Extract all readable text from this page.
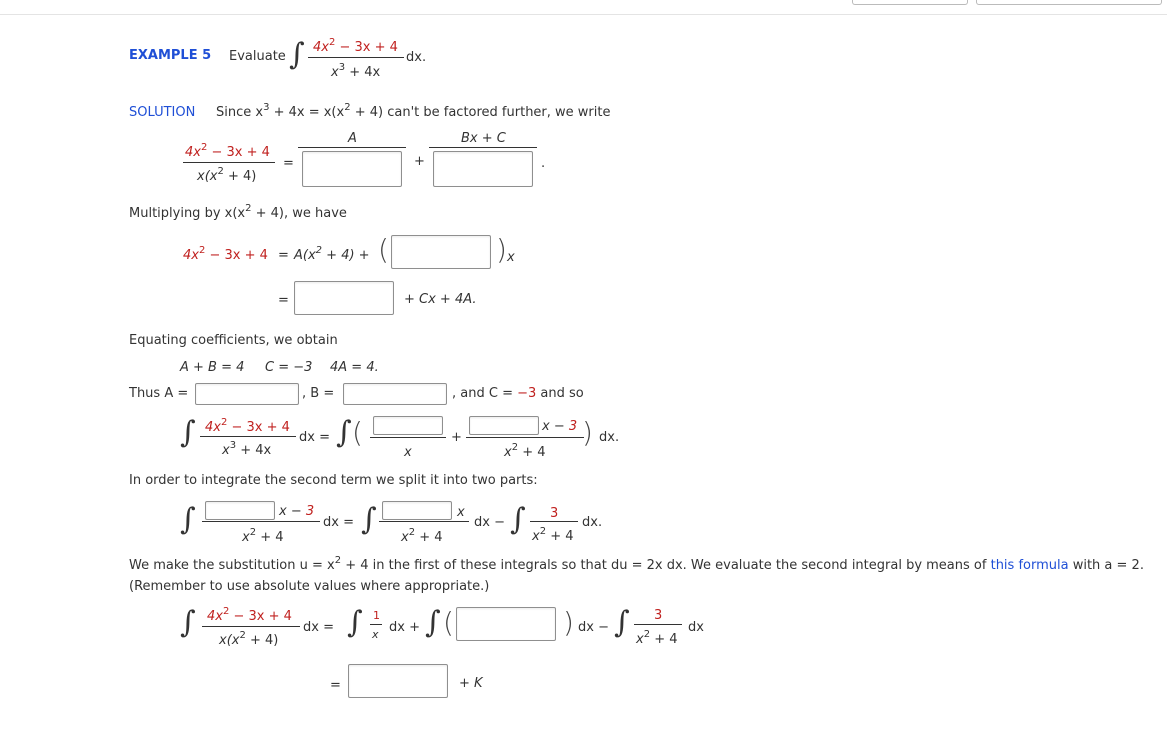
EXAMPLE 5 Evaluate ∫ $4x^2 - 3x + 4$
$x^3 + 4x$
dx.
SOLUTION Since $x^3 + 4x = x(x^2 + 4)$ can't be factored further, we write
$4x^2 - 3x + 4$
$x(x^2 + 4)$
=
A
+
Bx + C
.
Multiplying by $x(x^2 + 4)$, we have
$4x^2 - 3x + 4 = A(x^2 + 4)$ + (	) x
=	+ Cx + 4A.
Equating coefficients, we obtain
A + B = 4 C = −3 4A = 4.
Thus A =	, B =	, and C = −3 and so
∫ $4x^2 - 3x + 4$
$x^3 + 4x$
dx = ∫ (
x
+
x − 3
$x^2 + 4$
) dx.
In order to integrate the second term we split it into two parts:
∫	x − 3
$x^2 + 4$
dx = ∫	x
$x^2 + 4$
dx − ∫ 3
$x^2 + 4$
dx.
We make the substitution $u = x^2 + 4$ in the first of these integrals so that du = 2x dx. We evaluate the second integral by means of this formula with a = 2.
(Remember to use absolute values where appropriate.)
∫ $4x^2 - 3x + 4$
$x(x^2 + 4)$
dx = ∫ 1
x dx + ∫ (	) dx − ∫ 3
$x^2 + 4$
dx
=	+ K
